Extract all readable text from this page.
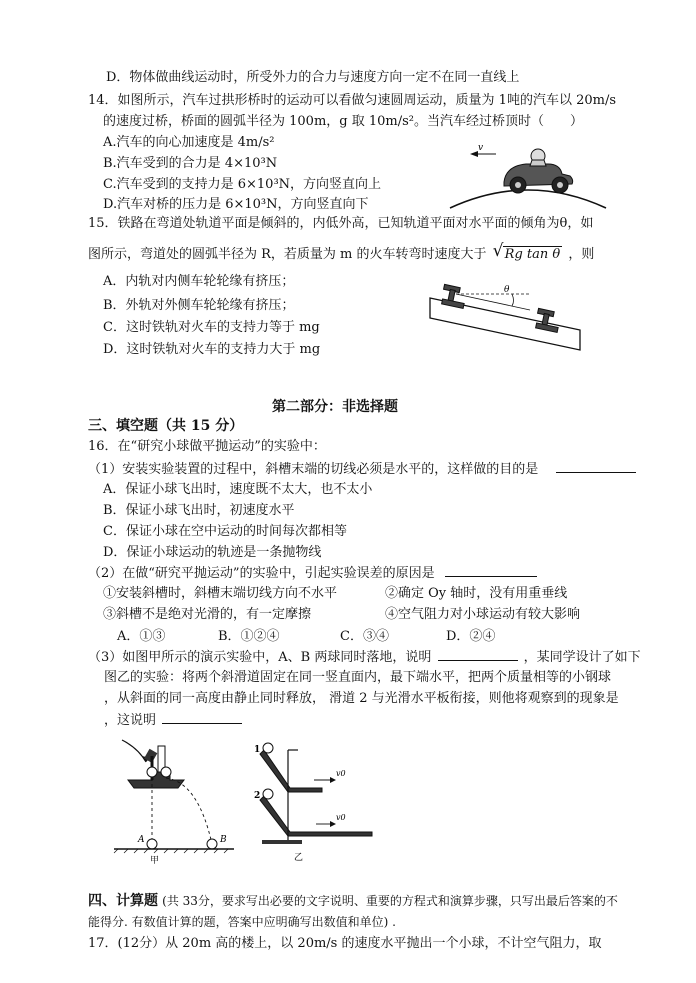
D．物体做曲线运动时，所受外力的合力与速度方向一定不在同一直线上
14．如图所示，汽车过拱形桥时的运动可以看做匀速圆周运动，质量为 1吨的汽车以 20m/s
的速度过桥，桥面的圆弧半径为 100m，g 取 10m/s²。当汽车经过桥顶时（　　）
A.汽车的向心加速度是 4m/s²
B.汽车受到的合力是 4×10³N
C.汽车受到的支持力是 6×10³N，方向竖直向上
D.汽车对桥的压力是 6×10³N，方向竖直向下
v
15．铁路在弯道处轨道平面是倾斜的，内低外高，已知轨道平面对水平面的倾角为θ，如
图所示，弯道处的圆弧半径为 R，若质量为 m 的火车转弯时速度大于 √ Rg tan θ ，则
A．内轨对内侧车轮轮缘有挤压；
B．外轨对外侧车轮轮缘有挤压；
C．这时铁轨对火车的支持力等于 mg
D．这时铁轨对火车的支持力大于 mg
θ
第二部分：非选择题
三、填空题（共 15 分）
16．在“研究小球做平抛运动”的实验中：
（1）安装实验装置的过程中，斜槽末端的切线必须是水平的，这样做的目的是
A．保证小球飞出时，速度既不太大，也不太小
B．保证小球飞出时，初速度水平
C．保证小球在空中运动的时间每次都相等
D．保证小球运动的轨迹是一条抛物线
（2）在做“研究平抛运动”的实验中，引起实验误差的原因是
①安装斜槽时，斜槽末端切线方向不水平	②确定 Oy 轴时，没有用重垂线
③斜槽不是绝对光滑的，有一定摩擦	④空气阻力对小球运动有较大影响
A．①③	B．①②④	C．③④	D．②④
（3）如图甲所示的演示实验中，A、B 两球同时落地，说明	，某同学设计了如下
图乙的实验：将两个斜滑道固定在同一竖直面内，最下端水平，把两个质量相等的小钢球
，从斜面的同一高度由静止同时释放， 滑道 2 与光滑水平板衔接，则他将观察到的现象是
，这说明
A	B
甲
1
2
v0
v0
乙
四、计算题 (共 33分，要求写出必要的文字说明、重要的方程式和演算步骤，只写出最后答案的不
能得分. 有数值计算的题，答案中应明确写出数值和单位) .
17．(12分）从 20m 高的楼上，以 20m/s 的速度水平抛出一个小球，不计空气阻力，取
